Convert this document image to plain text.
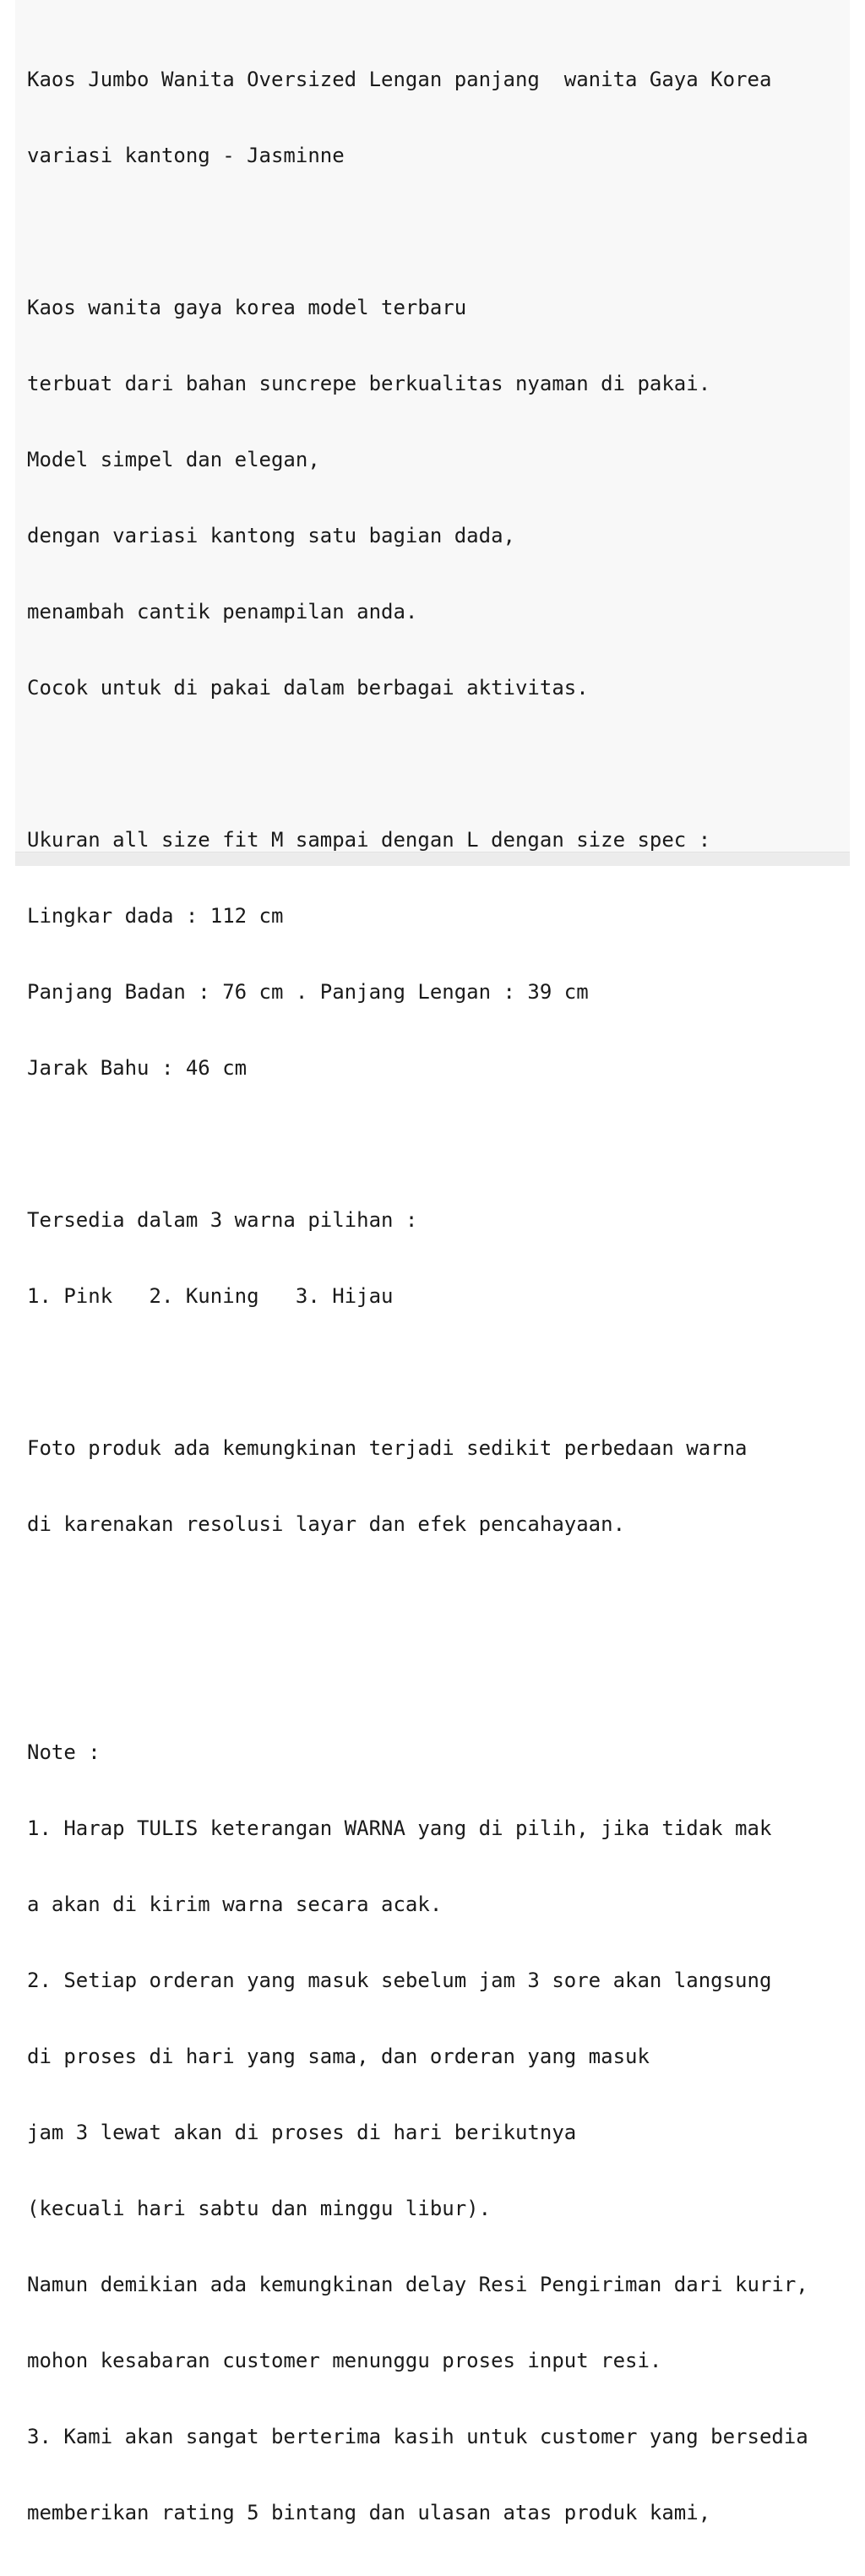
Kaos Jumbo Wanita Oversized Lengan panjang  wanita Gaya Korea

variasi kantong - Jasminne

Kaos wanita gaya korea model terbaru

terbuat dari bahan suncrepe berkualitas nyaman di pakai.

Model simpel dan elegan,

dengan variasi kantong satu bagian dada,

menambah cantik penampilan anda.

Cocok untuk di pakai dalam berbagai aktivitas.

Ukuran all size fit M sampai dengan L dengan size spec :

Lingkar dada : 112 cm

Panjang Badan : 76 cm . Panjang Lengan : 39 cm

Jarak Bahu : 46 cm

Tersedia dalam 3 warna pilihan :

1. Pink   2. Kuning   3. Hijau

Foto produk ada kemungkinan terjadi sedikit perbedaan warna

di karenakan resolusi layar dan efek pencahayaan.

Note :

1. Harap TULIS keterangan WARNA yang di pilih, jika tidak mak

a akan di kirim warna secara acak.

2. Setiap orderan yang masuk sebelum jam 3 sore akan langsung

di proses di hari yang sama, dan orderan yang masuk

jam 3 lewat akan di proses di hari berikutnya

(kecuali hari sabtu dan minggu libur).

Namun demikian ada kemungkinan delay Resi Pengiriman dari kurir,

mohon kesabaran customer menunggu proses input resi.

3. Kami akan sangat berterima kasih untuk customer yang bersedia

memberikan rating 5 bintang dan ulasan atas produk kami,
